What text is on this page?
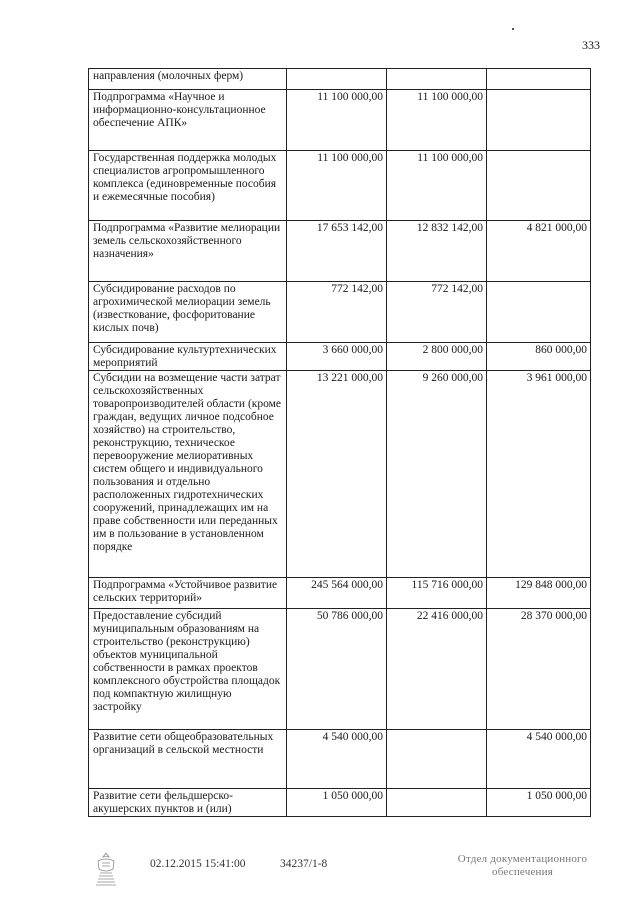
333
направления (молочных ферм)			
Подпрограмма «Научное и информационно-консультационное обеспечение АПК»	11 100 000,00	11 100 000,00	
Государственная поддержка молодых специалистов агропромышленного комплекса (единовременные пособия и ежемесячные пособия)	11 100 000,00	11 100 000,00	
Подпрограмма «Развитие мелиорации земель сельскохозяйственного назначения»	17 653 142,00	12 832 142,00	4 821 000,00
Субсидирование расходов по агрохимической мелиорации земель (известкование, фосфоритование кислых почв)	772 142,00	772 142,00	
Субсидирование культуртехнических мероприятий	3 660 000,00	2 800 000,00	860 000,00
Субсидии на возмещение части затрат сельскохозяйственных товаропроизводителей области (кроме граждан, ведущих личное подсобное хозяйство) на строительство, реконструкцию, техническое перевооружение мелиоративных систем общего и индивидуального пользования и отдельно расположенных гидротехнических сооружений, принадлежащих им на праве собственности или переданных им в пользование в установленном порядке	13 221 000,00	9 260 000,00	3 961 000,00
Подпрограмма «Устойчивое развитие сельских территорий»	245 564 000,00	115 716 000,00	129 848 000,00
Предоставление субсидий муниципальным образованиям на строительство (реконструкцию) объектов муниципальной собственности в рамках проектов комплексного обустройства площадок под компактную жилищную застройку	50 786 000,00	22 416 000,00	28 370 000,00
Развитие сети общеобразовательных организаций в сельской местности	4 540 000,00		4 540 000,00
Развитие сети фельдшерско-акушерских пунктов и (или)	1 050 000,00		1 050 000,00
02.12.2015 15:41:00	34237/1-8	Отдел документационного
обеспечения
